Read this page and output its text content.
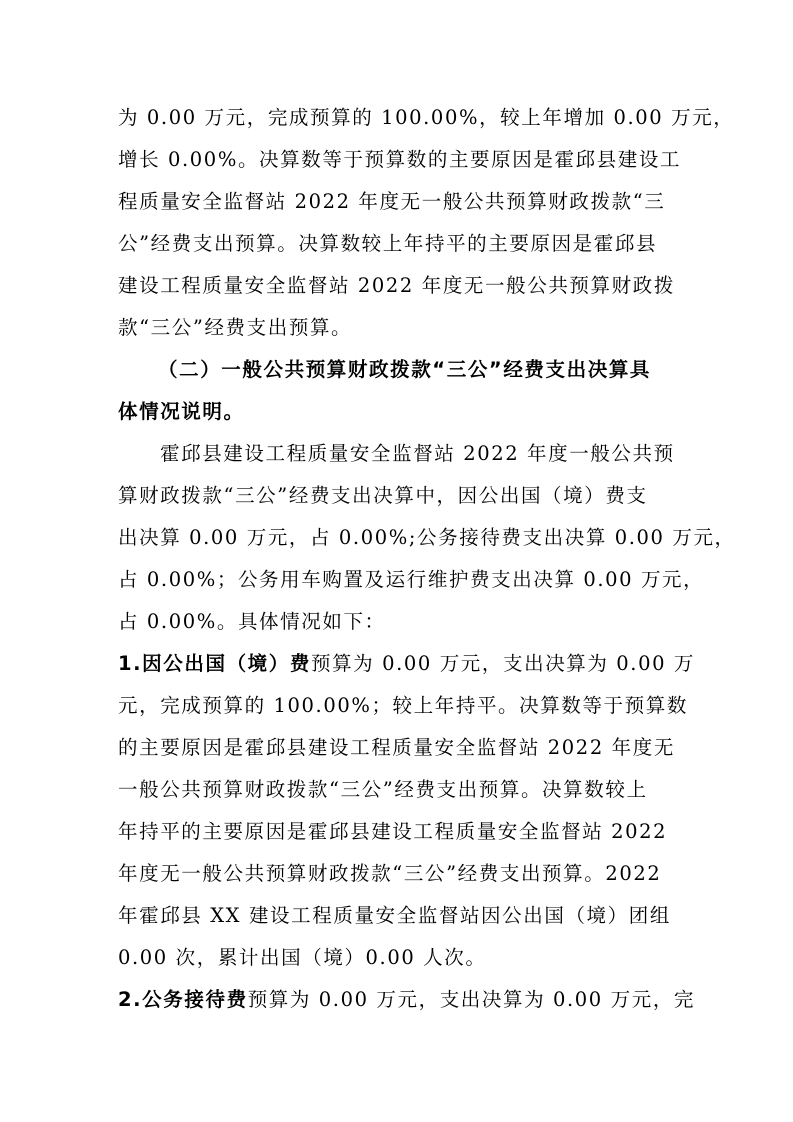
为 0.00 万元，完成预算的 100.00%，较上年增加 0.00 万元，
增长 0.00%。决算数等于预算数的主要原因是霍邱县建设工
程质量安全监督站 2022 年度无一般公共预算财政拨款“三
公”经费支出预算。决算数较上年持平的主要原因是霍邱县
建设工程质量安全监督站 2022 年度无一般公共预算财政拨
款“三公”经费支出预算。
（二）一般公共预算财政拨款“三公”经费支出决算具
体情况说明。
霍邱县建设工程质量安全监督站 2022 年度一般公共预
算财政拨款“三公”经费支出决算中，因公出国（境）费支
出决算 0.00 万元，占 0.00%;公务接待费支出决算 0.00 万元，
占 0.00%；公务用车购置及运行维护费支出决算 0.00 万元，
占 0.00%。具体情况如下：
1.因公出国（境）费预算为 0.00 万元，支出决算为 0.00 万
元，完成预算的 100.00%；较上年持平。决算数等于预算数
的主要原因是霍邱县建设工程质量安全监督站 2022 年度无
一般公共预算财政拨款“三公”经费支出预算。决算数较上
年持平的主要原因是霍邱县建设工程质量安全监督站 2022
年度无一般公共预算财政拨款“三公”经费支出预算。2022
年霍邱县 XX 建设工程质量安全监督站因公出国（境）团组
0.00 次，累计出国（境）0.00 人次。
2.公务接待费预算为 0.00 万元，支出决算为 0.00 万元，完
